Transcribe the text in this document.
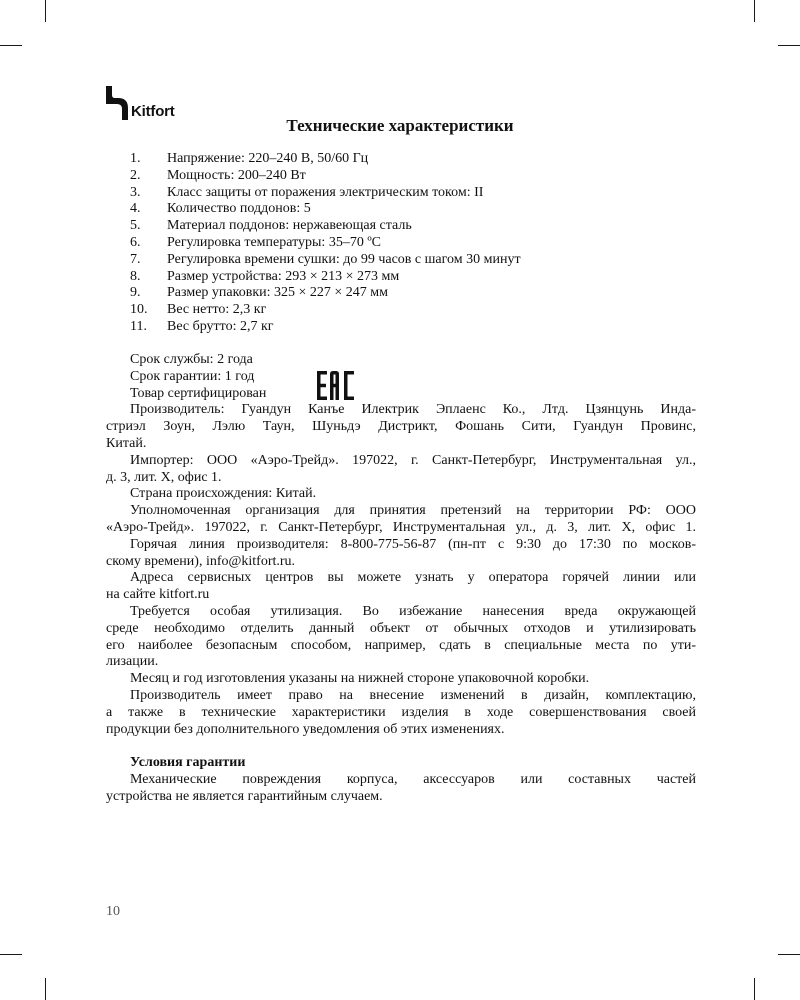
Kitfort
Технические характеристики
1.	Напряжение: 220–240 В, 50/60 Гц
2.	Мощность: 200–240 Вт
3.	Класс защиты от поражения электрическим током: II
4.	Количество поддонов: 5
5.	Материал поддонов: нержавеющая сталь
6.	Регулировка температуры: 35–70 ºC
7.	Регулировка времени сушки: до 99 часов с шагом 30 минут
8.	Размер устройства: 293 × 213 × 273 мм
9.	Размер упаковки: 325 × 227 × 247 мм
10.	Вес нетто: 2,3 кг
11.	Вес брутто: 2,7 кг

Срок службы: 2 года

Срок гарантии: 1 год

Товар сертифицирован

Производитель: Гуандун Канъе Илектрик Эплаенс Ко., Лтд. Цзянцунь Инда-

стриэл Зоун, Лэлю Таун, Шуньдэ Дистрикт, Фошань Сити, Гуандун Провинс,

Китай.

Импортер: ООО «Аэро-Трейд». 197022, г. Санкт-Петербург, Инструментальная ул.,

д. 3, лит. Х, офис 1.

Страна происхождения: Китай.

Уполномоченная организация для принятия претензий на территории РФ: ООО

«Аэро-Трейд». 197022, г. Санкт-Петербург, Инструментальная ул., д. 3, лит. Х, офис 1.

Горячая линия производителя: 8-800-775-56-87 (пн-пт с 9:30 до 17:30 по москов-

скому времени), info@kitfort.ru.

Адреса сервисных центров вы можете узнать у оператора горячей линии или

на сайте kitfort.ru

Требуется особая утилизация. Во избежание нанесения вреда окружающей

среде необходимо отделить данный объект от обычных отходов и утилизировать

его наиболее безопасным способом, например, сдать в специальные места по ути-

лизации.

Месяц и год изготовления указаны на нижней стороне упаковочной коробки.

Производитель имеет право на внесение изменений в дизайн, комплектацию,

а также в технические характеристики изделия в ходе совершенствования своей

продукции без дополнительного уведомления об этих изменениях.

Условия гарантии

Механические повреждения корпуса, аксессуаров или составных частей

устройства не является гарантийным случаем.

10
